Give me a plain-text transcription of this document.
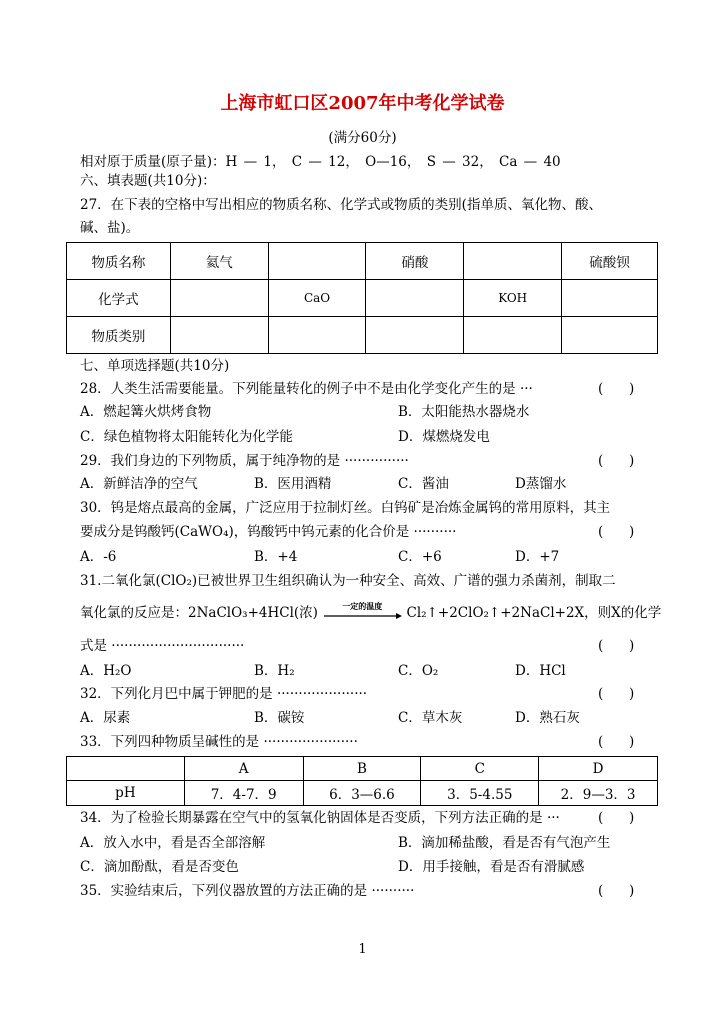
上海市虹口区2007年中考化学试卷
(满分60分)
相对原于质量(原子量)：H — 1， C — 12， O—16， S — 32， Ca — 40
六、填表题(共10分)：
27．在下表的空格中写出相应的物质名称、化学式或物质的类别(指单质、氧化物、酸、
碱、盐)。
物质名称	氦气		硝酸		硫酸钡
化学式		CaO		KOH	
物质类别					
七、单项选择题(共10分)
28．人类生活需要能量。下列能量转化的例子中不是由化学变化产生的是 ···	(      )
A．燃起篝火烘烤食物	B．太阳能热水器烧水
C．绿色植物将太阳能转化为化学能	D．煤燃烧发电
29．我们身边的下列物质，属于纯净物的是 ···············	(      )
A．新鲜洁净的空气	B．医用酒精	C．酱油	D蒸馏水
30．钨是熔点最高的金属，广泛应用于拉制灯丝。白钨矿是冶炼金属钨的常用原料，其主
要成分是钨酸钙(CaWO₄)，钨酸钙中钨元素的化合价是 ··········	(      )
A．-6	B．+4	C．+6	D．+7
31.二氧化氯(ClO₂)已被世界卫生组织确认为一种安全、高效、广谱的强力杀菌剂，制取二
氧化氯的反应是：2NaClO₃+4HCl(浓)	一定的温度	Cl₂↑+2ClO₂↑+2NaCl+2X，则X的化学
式是 ·······························	(      )
A．H₂O	B．H₂	C．O₂	D．HCl
32．下列化月巴中属于钾肥的是 ·····················	(      )
A．尿素	B．碳铵	C．草木灰	D．熟石灰
33．下列四种物质呈碱性的是 ······················	(      )
	A	B	C	D
pH	7．4-7．9	6．3—6.6	3．5-4.55	2．9—3．3
34．为了检验长期暴露在空气中的氢氧化钠固体是否变质，下列方法正确的是 ···	(      )
A．放入水中，看是否全部溶解	B．滴加稀盐酸，看是否有气泡产生
C．滴加酚酞，看是否变色	D．用手接触，看是否有滑腻感
35．实验结束后，下列仪器放置的方法正确的是 ··········	(      )
1
